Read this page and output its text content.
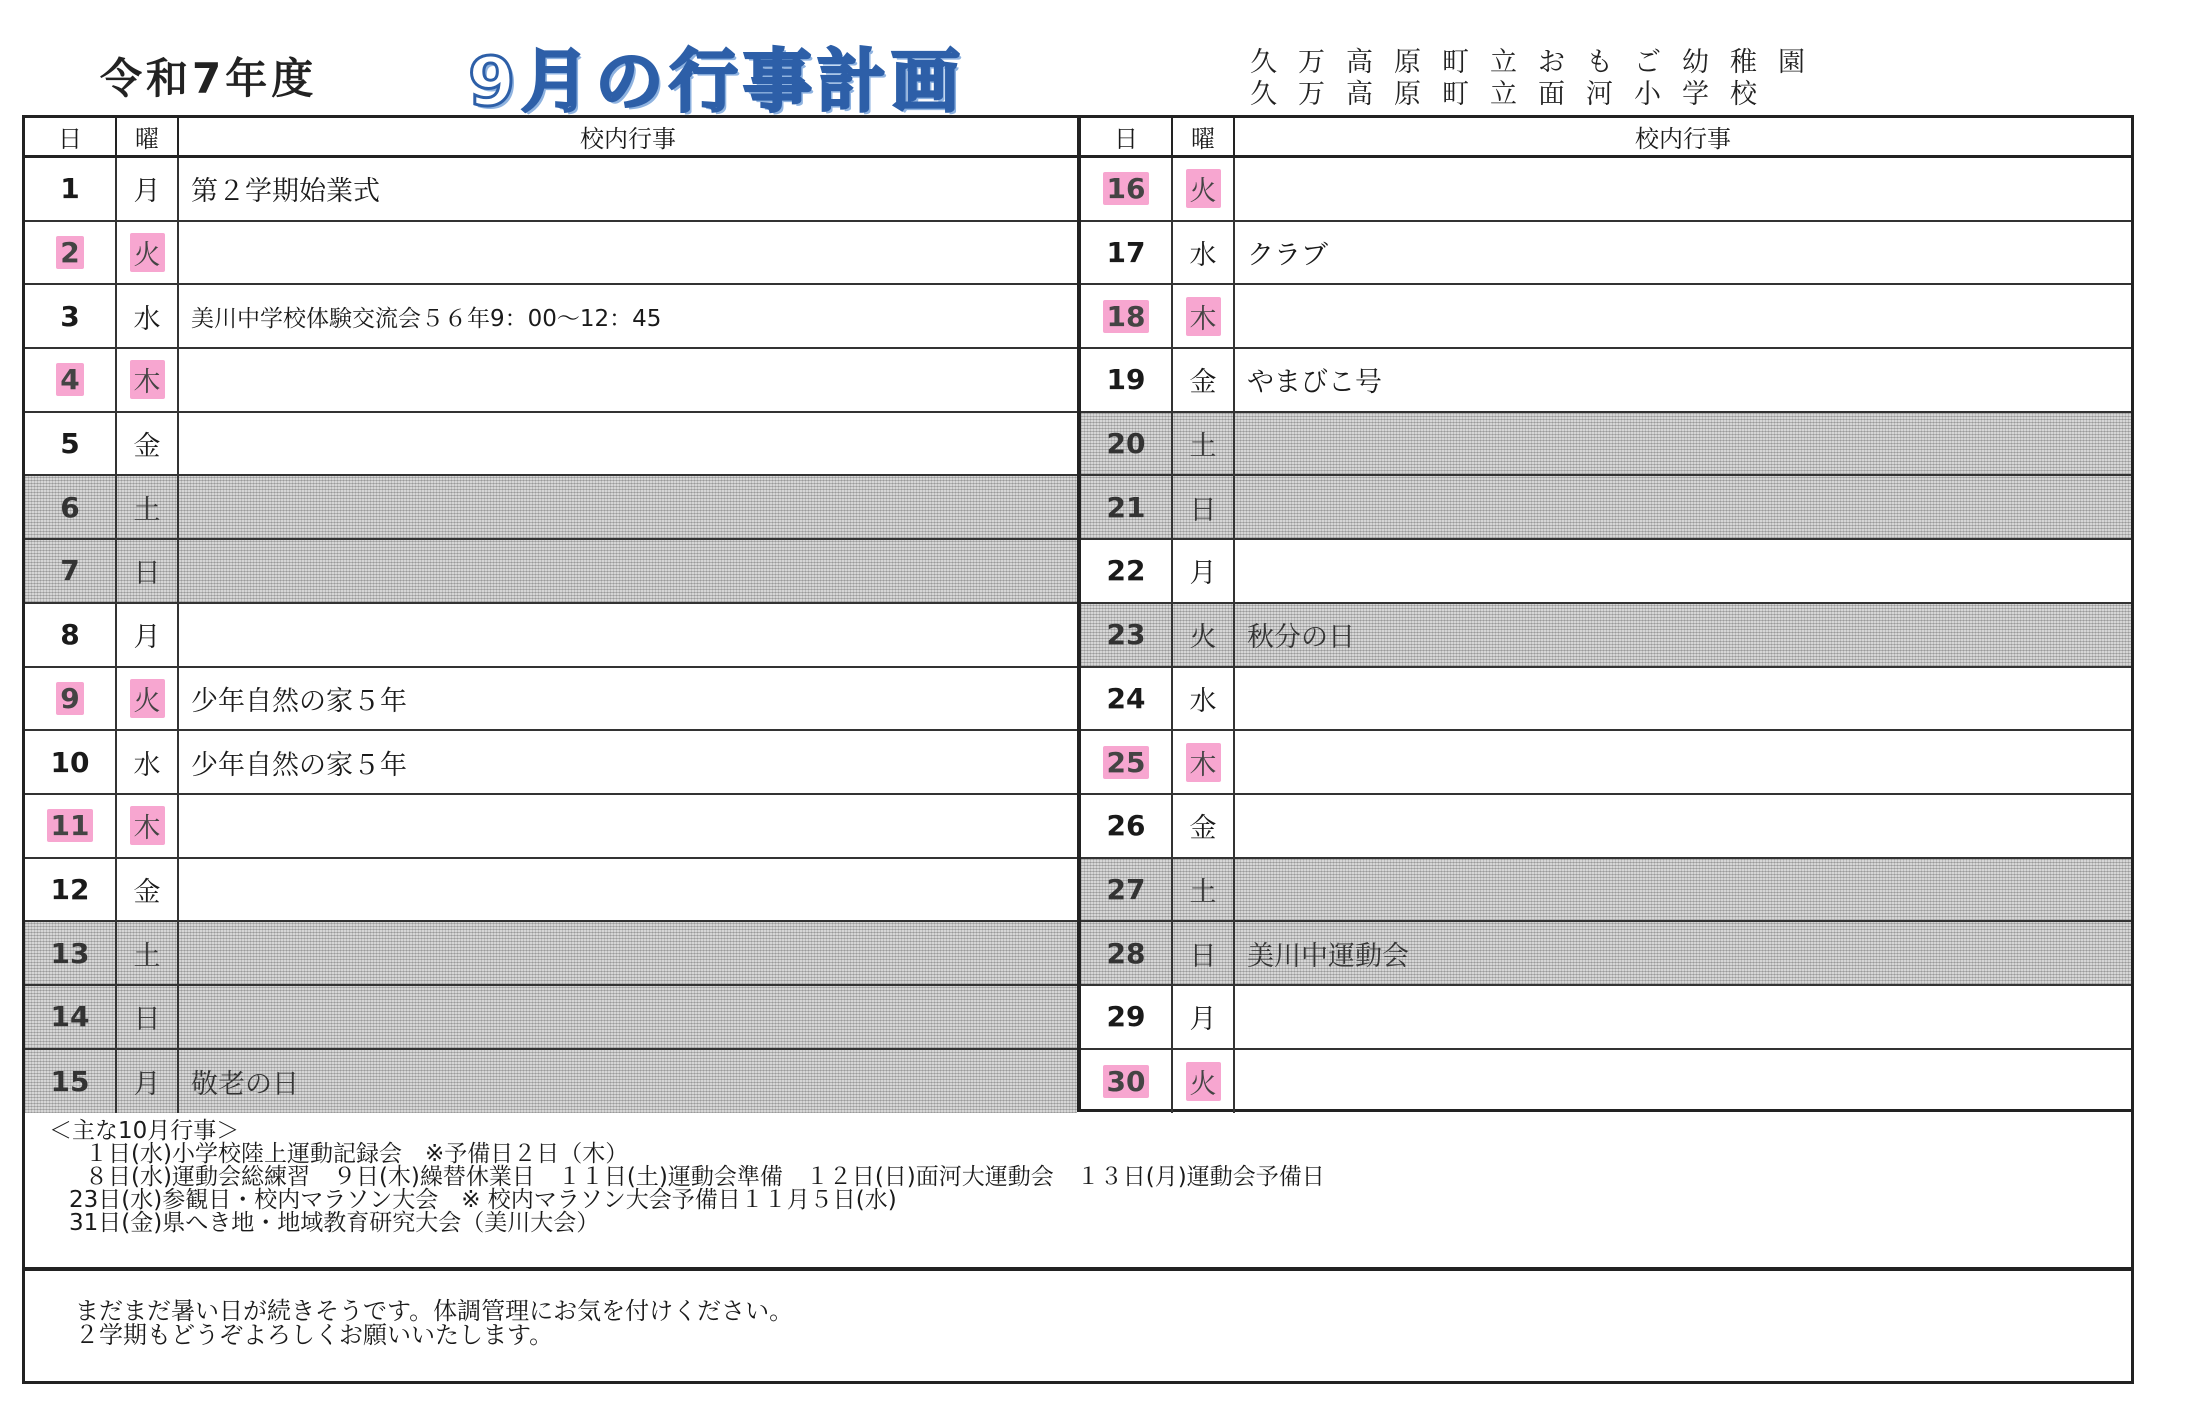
令和7年度 9月の行事計画	久万高原町立おもご幼稚園
久万高原町立面河小学校
日	曜	校内行事
1 月	第２学期始業式
2 火
3 水	美川中学校体験交流会５６年9：00～12：45
4 木
5 金
6 土
7 日
8 月
9 火	少年自然の家５年
10 水	少年自然の家５年
11 木
12 金
13 土
14 日
15 月	敬老の日
日	曜	校内行事
16 火
17 水	クラブ
18 木
19 金	やまびこ号
20 土
21 日
22 月
23 火	秋分の日
24 水
25 木
26 金
27 土
28 日	美川中運動会
29 月
30 火
＜主な10月行事＞
１日(水)小学校陸上運動記録会　※予備日２日（木）
８日(水)運動会総練習　９日(木)繰替休業日　１１日(土)運動会準備　１２日(日)面河大運動会　１３日(月)運動会予備日
23日(水)参観日・校内マラソン大会　※ 校内マラソン大会予備日１１月５日(水)
31日(金)県へき地・地域教育研究大会（美川大会）
まだまだ暑い日が続きそうです。体調管理にお気を付けください。
２学期もどうぞよろしくお願いいたします。
